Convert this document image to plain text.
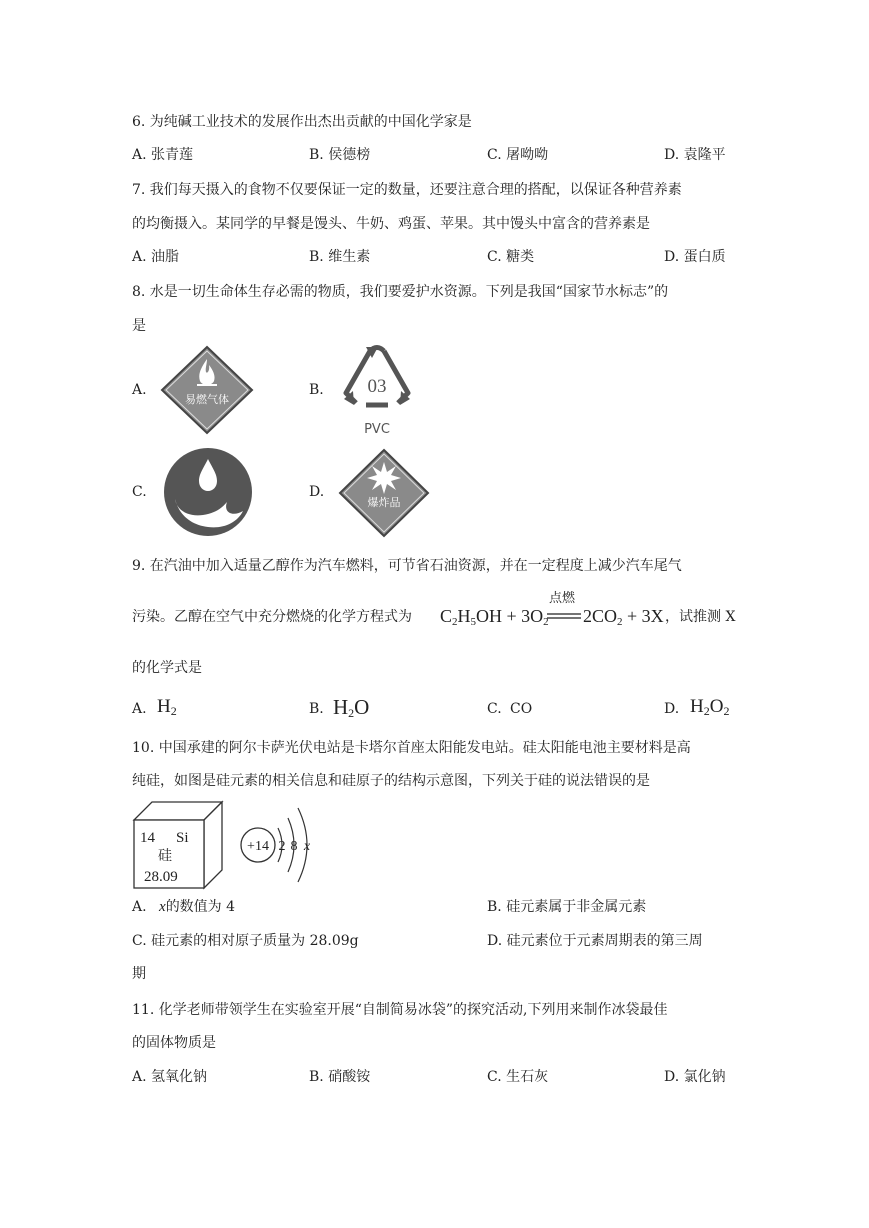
6. 为纯碱工业技术的发展作出杰出贡献的中国化学家是
A. 张青莲	B. 侯德榜	C. 屠呦呦	D. 袁隆平
7. 我们每天摄入的食物不仅要保证一定的数量，还要注意合理的搭配，以保证各种营养素
的均衡摄入。某同学的早餐是馒头、牛奶、鸡蛋、苹果。其中馒头中富含的营养素是
A. 油脂	B. 维生素	C. 糖类	D. 蛋白质
8. 水是一切生命体生存必需的物质，我们要爱护水资源。下列是我国“国家节水标志”的
是
A.
易燃气体
B. 03
PVC
C.	D.
爆炸品
9. 在汽油中加入适量乙醇作为汽车燃料，可节省石油资源，并在一定程度上减少汽车尾气
污染。乙醇在空气中充分燃烧的化学方程式为 $C_2H_5OH + 3O_2$
点燃
$2CO_2 + 3X$ ，试推测 X
的化学式是
A. $H_2$	B. $H_2O$	C. CO	D. $H_2O_2$
10. 中国承建的阿尔卡萨光伏电站是卡塔尔首座太阳能发电站。硅太阳能电池主要材料是高
纯硅，如图是硅元素的相关信息和硅原子的结构示意图，下列关于硅的说法错误的是
14 Si
硅
28.09
+14 2 8 x
A. x的数值为 4	B. 硅元素属于非金属元素
C. 硅元素的相对原子质量为 28.09g	D. 硅元素位于元素周期表的第三周
期
11. 化学老师带领学生在实验室开展“自制简易冰袋”的探究活动,下列用来制作冰袋最佳
的固体物质是
A. 氢氧化钠	B. 硝酸铵	C. 生石灰	D. 氯化钠
